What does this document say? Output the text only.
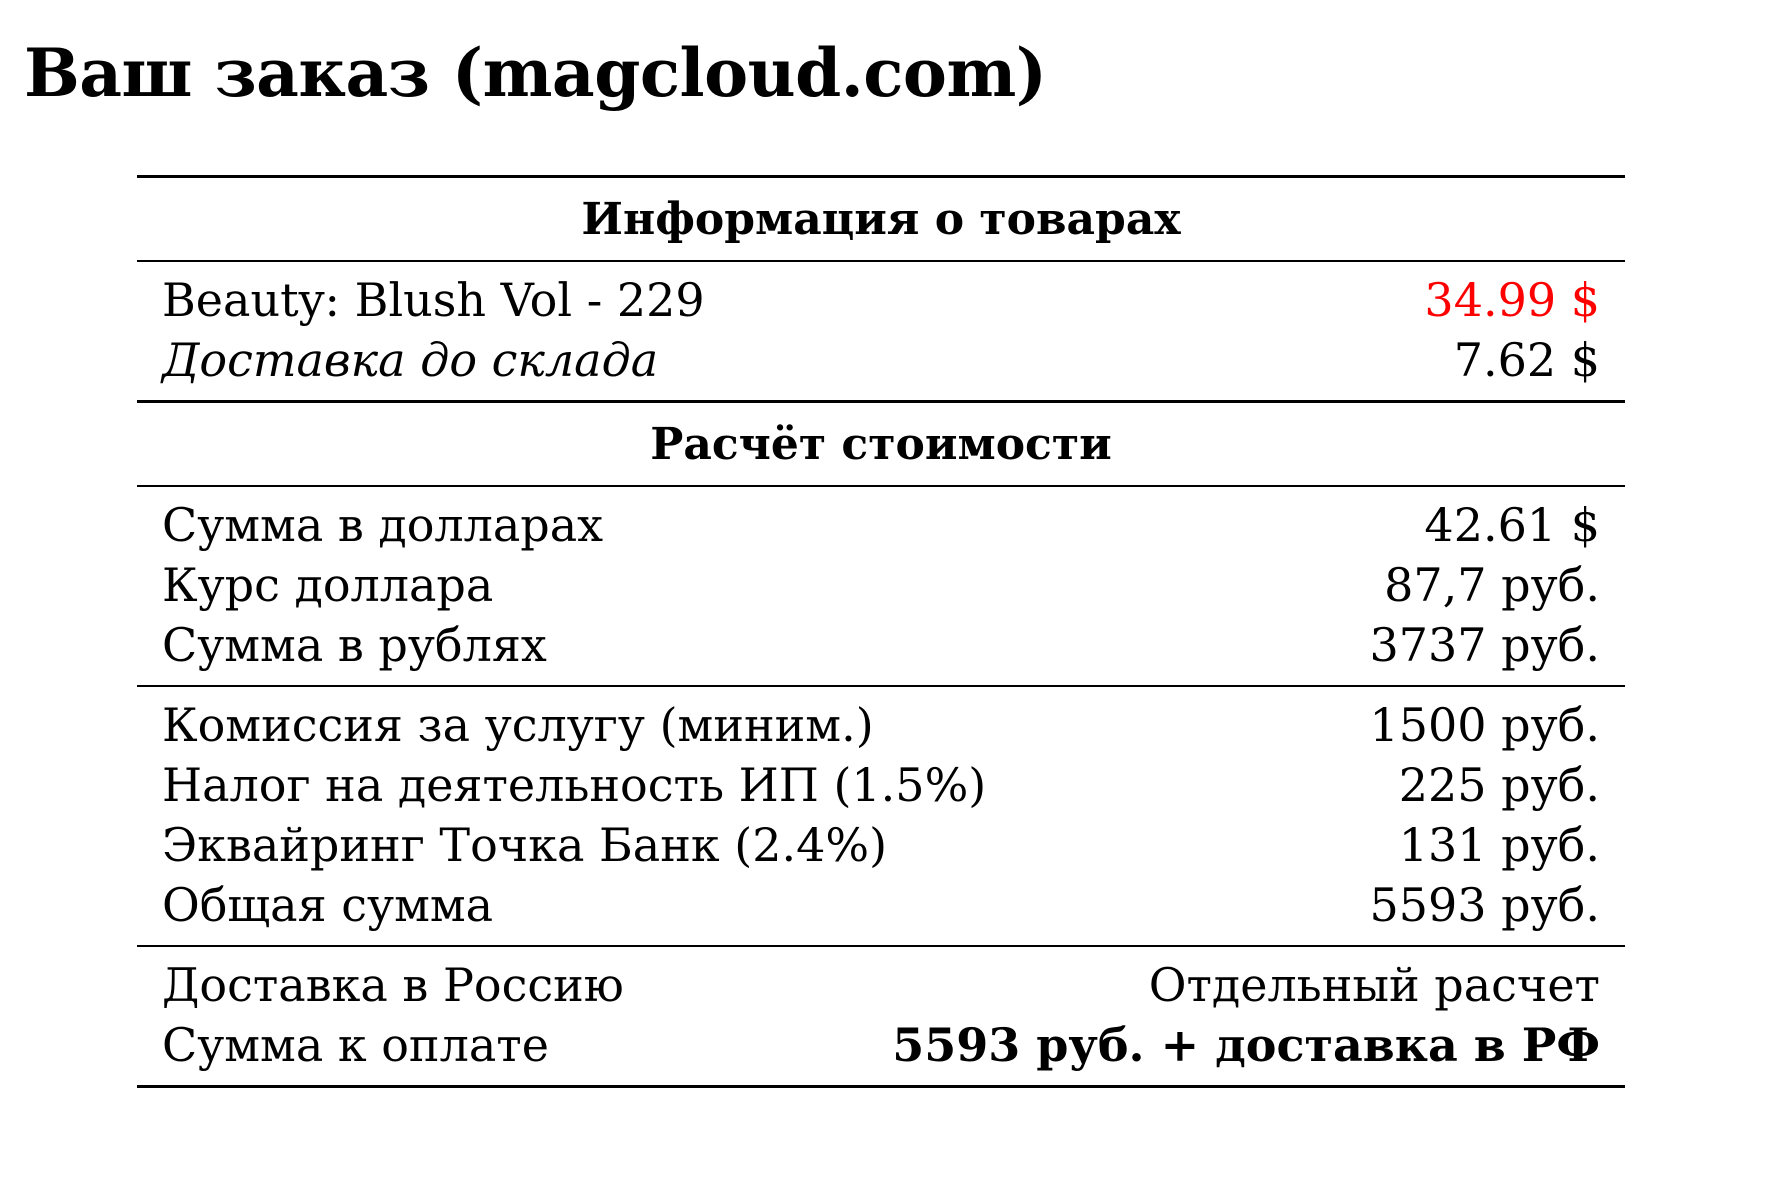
Ваш заказ (magcloud.com)
Информация о товарах
Beauty: Blush Vol - 229	34.99 $
Доставка до склада	7.62 $
Расчёт стоимости
Сумма в долларах	42.61 $
Курс доллара	87,7 руб.
Сумма в рублях	3737 руб.
Комиссия за услугу (миним.)	1500 руб.
Налог на деятельность ИП (1.5%)	225 руб.
Эквайринг Точка Банк (2.4%)	131 руб.
Общая сумма	5593 руб.
Доставка в Россию	Отдельный расчет
Сумма к оплате	5593 руб. + доставка в РФ
